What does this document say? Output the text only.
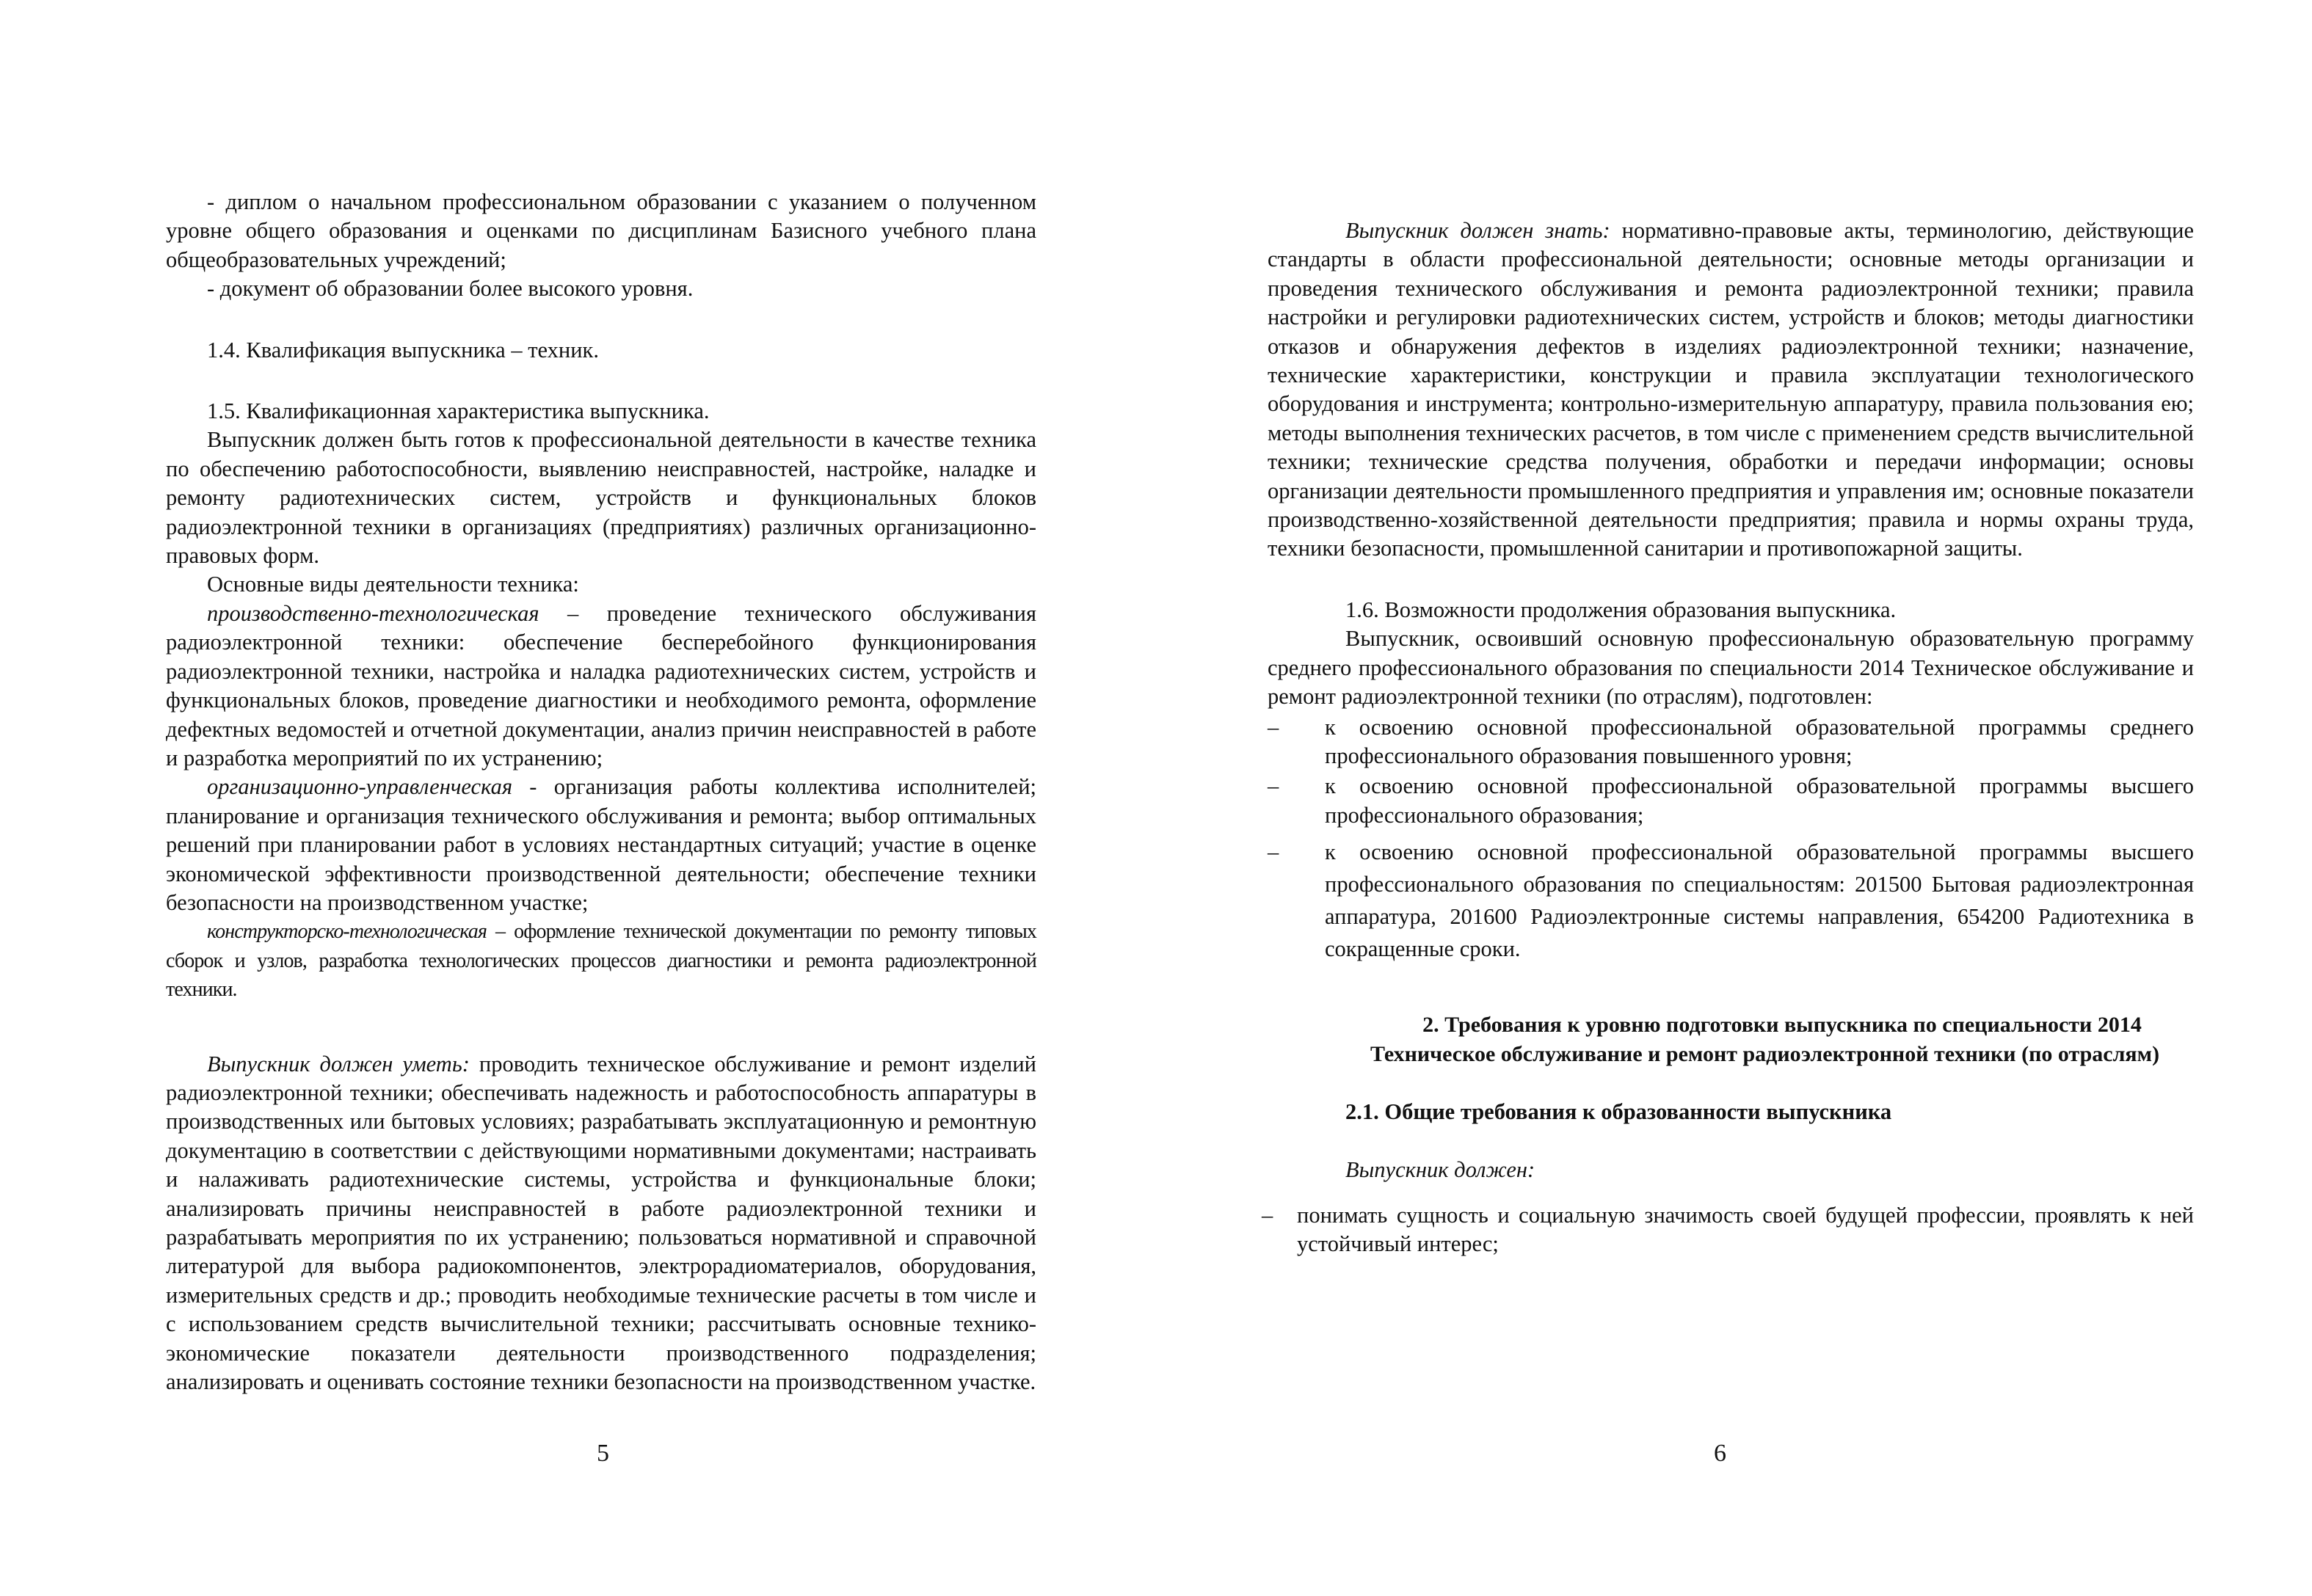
- диплом о начальном профессиональном образовании с указанием о полученном уровне общего образования и оценками по дисциплинам Базисного учебного плана общеобразовательных учреждений;

- документ об образовании более высокого уровня.

1.4. Квалификация выпускника – техник.

1.5. Квалификационная характеристика выпускника.

Выпускник должен быть готов к профессиональной деятельности в качестве техника по обеспечению работоспособности, выявлению неисправностей, настройке, наладке и ремонту радиотехнических систем, устройств и функциональных блоков радиоэлектронной техники в организациях (предприятиях) различных организационно-правовых форм.

Основные виды деятельности техника:

производственно-технологическая – проведение технического обслуживания радиоэлектронной техники: обеспечение бесперебойного функционирования радиоэлектронной техники, настройка и наладка радиотехнических систем, устройств и функциональных блоков, проведение диагностики и необходимого ремонта, оформление дефектных ведомостей и отчетной документации, анализ причин неисправностей в работе и разработка мероприятий по их устранению;

организационно-управленческая - организация работы коллектива исполнителей; планирование и организация технического обслуживания и ремонта; выбор оптимальных решений при планировании работ в условиях нестандартных ситуаций; участие в оценке экономической эффективности производственной деятельности; обеспечение техники безопасности на производственном участке;

конструкторско-технологическая – оформление технической документации по ремонту типовых сборок и узлов, разработка технологических процессов диагностики и ремонта радиоэлектронной техники.

Выпускник должен уметь: проводить техническое обслуживание и ремонт изделий радиоэлектронной техники; обеспечивать надежность и работоспособность аппаратуры в производственных или бытовых условиях; разрабатывать эксплуатационную и ремонтную документацию в соответствии с действующими нормативными документами; настраивать и налаживать радиотехнические системы, устройства и функциональные блоки; анализировать причины неисправностей в работе радиоэлектронной техники и разрабатывать мероприятия по их устранению; пользоваться нормативной и справочной литературой для выбора радиокомпонентов, электрорадиоматериалов, оборудования, измерительных средств и др.; проводить необходимые технические расчеты в том числе и с использованием средств вычислительной техники; рассчитывать основные технико-экономические показатели деятельности производственного подразделения; анализировать и оценивать состояние техники безопасности на производственном участке.

5

Выпускник должен знать: нормативно-правовые акты, терминологию, действующие стандарты в области профессиональной деятельности; основные методы организации и проведения технического обслуживания и ремонта радиоэлектронной техники; правила настройки и регулировки радиотехнических систем, устройств и блоков; методы диагностики отказов и обнаружения дефектов в изделиях радиоэлектронной техники; назначение, технические характеристики, конструкции и правила эксплуатации технологического оборудования и инструмента; контрольно-измерительную аппаратуру, правила пользования ею; методы выполнения технических расчетов, в том числе с применением средств вычислительной техники; технические средства получения, обработки и передачи информации; основы организации деятельности промышленного предприятия и управления им; основные показатели производственно-хозяйственной деятельности предприятия; правила и нормы охраны труда, техники безопасности, промышленной санитарии и противопожарной защиты.

1.6. Возможности продолжения образования выпускника.

Выпускник, освоивший основную профессиональную образовательную программу среднего профессионального образования по специальности 2014 Техническое обслуживание и ремонт радиоэлектронной техники (по отраслям), подготовлен:

– к освоению основной профессиональной образовательной программы среднего профессионального образования повышенного уровня;

– к освоению основной профессиональной образовательной программы высшего профессионального образования;

– к освоению основной профессиональной образовательной программы высшего профессионального образования по специальностям: 201500 Бытовая радиоэлектронная аппаратура, 201600 Радиоэлектронные системы направления, 654200 Радиотехника в сокращенные сроки.

2. Требования к уровню подготовки выпускника по специальности 2014 Техническое обслуживание и ремонт радиоэлектронной техники (по отраслям)

2.1. Общие требования к образованности выпускника

Выпускник должен:

– понимать сущность и социальную значимость своей будущей профессии, проявлять к ней устойчивый интерес;

6
